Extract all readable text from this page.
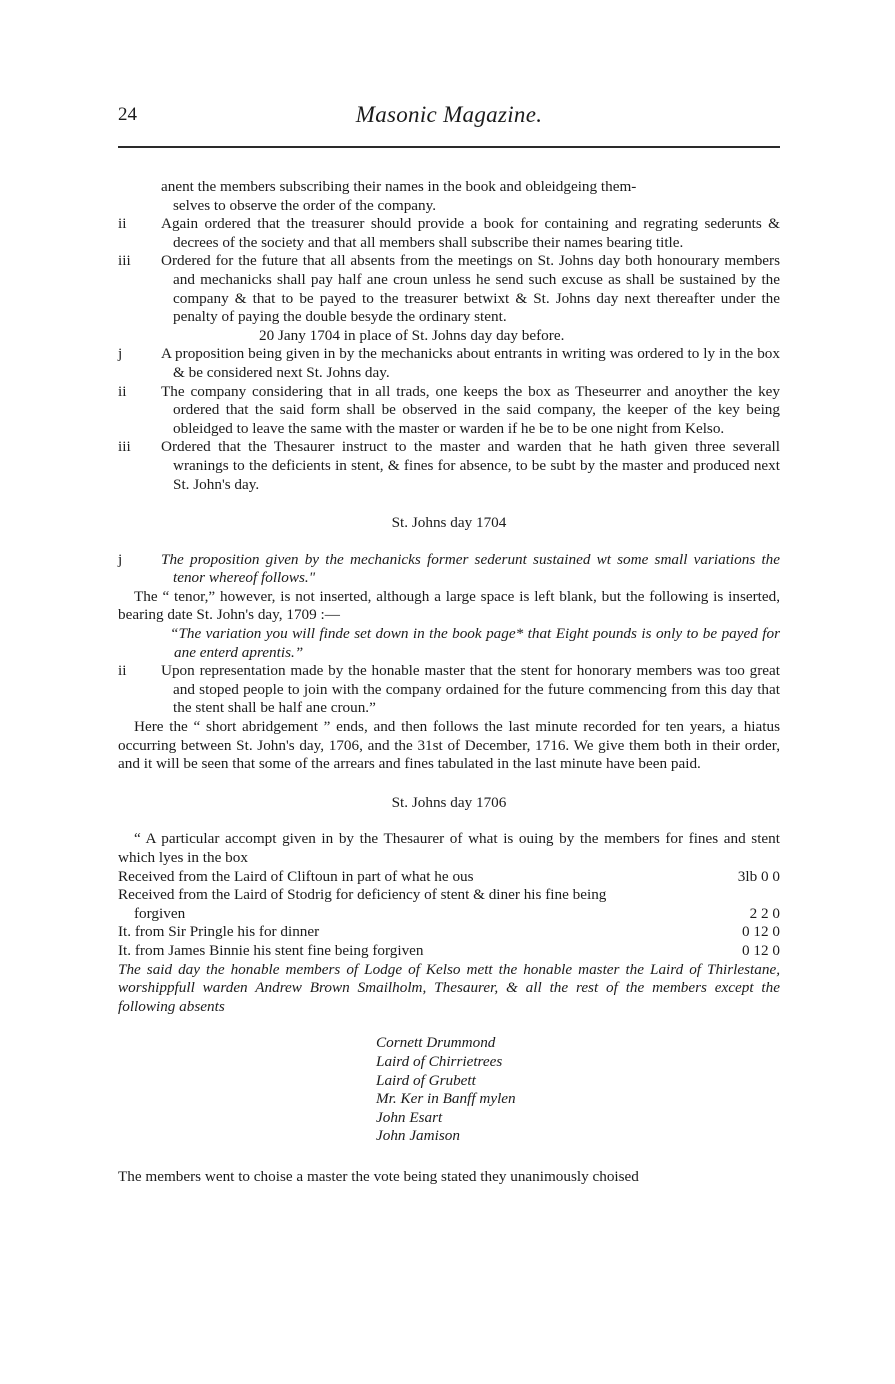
24	Masonic Magazine.

anent the members subscribing their names in the book and obleidgeing them-

selves to observe the order of the company.

ii	Again ordered that the treasurer should provide a book for containing and regrating sederunts & decrees of the society and that all members shall subscribe their names bearing title.

iii	Ordered for the future that all absents from the meetings on St. Johns day both honourary members and mechanicks shall pay half ane croun unless he send such excuse as shall be sustained by the company & that to be payed to the treasurer betwixt & St. Johns day next thereafter under the penalty of paying the double besyde the ordinary stent.

20 Jany 1704 in place of St. Johns day day before.

j	A proposition being given in by the mechanicks about entrants in writing was ordered to ly in the box & be considered next St. Johns day.

ii	The company considering that in all trads, one keeps the box as Theseurrer and anoyther the key ordered that the said form shall be observed in the said company, the keeper of the key being obleidged to leave the same with the master or warden if he be to be one night from Kelso.

iii	Ordered that the Thesaurer instruct to the master and warden that he hath given three severall wranings to the deficients in stent, & fines for absence, to be subt by the master and produced next St. John's day.

St. Johns day 1704

j	The proposition given by the mechanicks former sederunt sustained wt some small variations the tenor whereof follows."

The “ tenor,” however, is not inserted, although a large space is left blank, but the following is inserted, bearing date St. John's day, 1709 :—

“The variation you will finde set down in the book page* that Eight pounds is only to be payed for ane enterd aprentis.”

ii	Upon representation made by the honable master that the stent for honorary members was too great and stoped people to join with the company ordained for the future commencing from this day that the stent shall be half ane croun.”

Here the “ short abridgement ” ends, and then follows the last minute recorded for ten years, a hiatus occurring between St. John's day, 1706, and the 31st of December, 1716. We give them both in their order, and it will be seen that some of the arrears and fines tabulated in the last minute have been paid.

St. Johns day 1706

“ A particular accompt given in by the Thesaurer of what is ouing by the members for fines and stent which lyes in the box

Received from the Laird of Cliftoun in part of what he ous	3lb 0 0

Received from the Laird of Stodrig for deficiency of stent & diner his fine being

forgiven	2 2 0

It. from Sir Pringle his for dinner	0 12 0

It. from James Binnie his stent fine being forgiven	0 12 0

The said day the honable members of Lodge of Kelso mett the honable master the Laird of Thirlestane, worshippfull warden Andrew Brown Smailholm, Thesaurer, & all the rest of the members except the following absents

Cornett Drummond
Laird of Chirrietrees
Laird of Grubett
Mr. Ker in Banff mylen
John Esart
John Jamison

The members went to choise a master the vote being stated they unanimously choised
